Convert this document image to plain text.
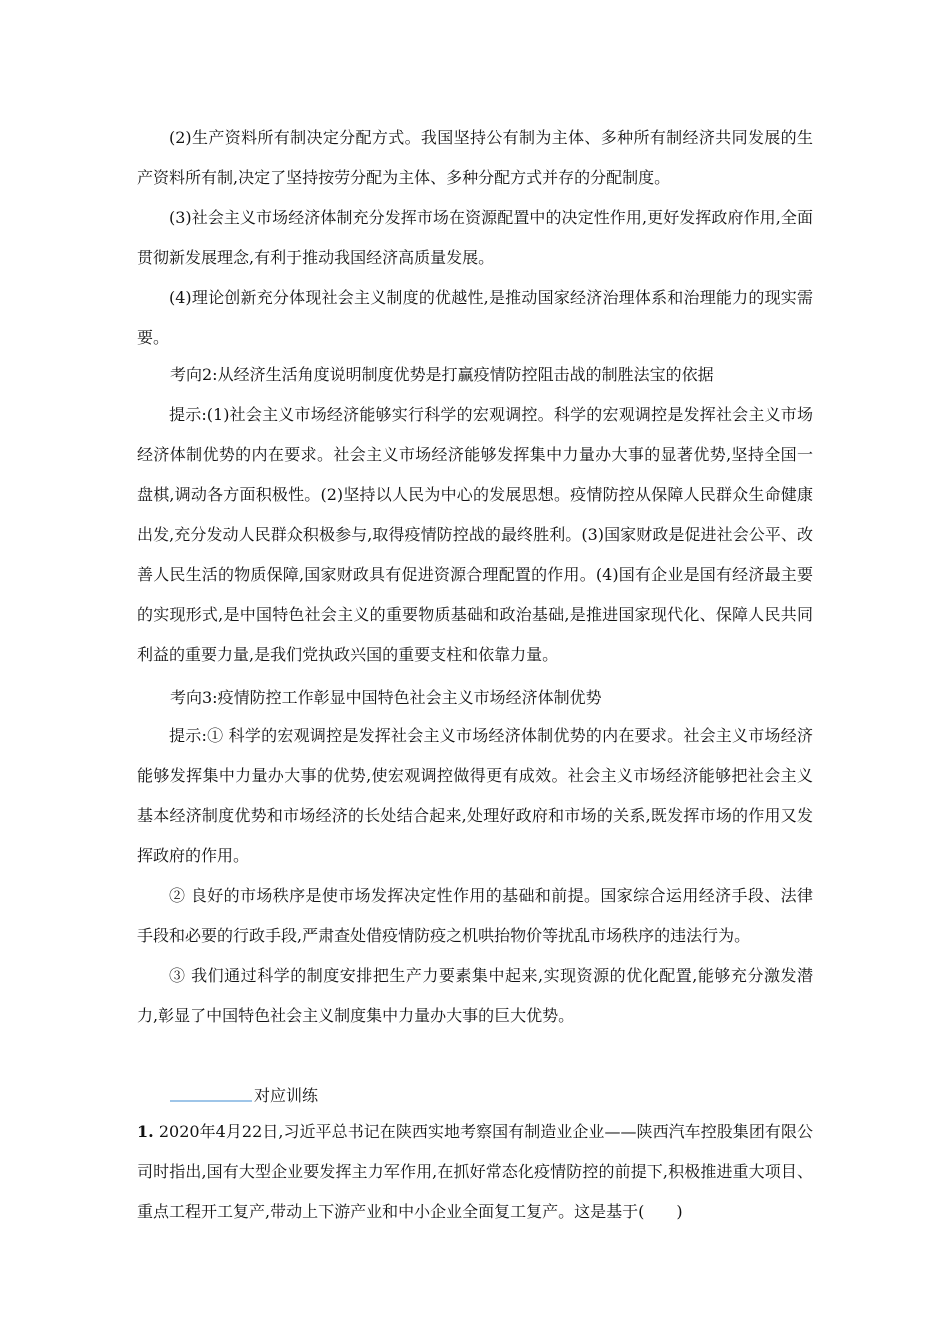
(2)生产资料所有制决定分配方式。我国坚持公有制为主体、多种所有制经济共同发展的生产资料所有制,决定了坚持按劳分配为主体、多种分配方式并存的分配制度。

(3)社会主义市场经济体制充分发挥市场在资源配置中的决定性作用,更好发挥政府作用,全面贯彻新发展理念,有利于推动我国经济高质量发展。

(4)理论创新充分体现社会主义制度的优越性,是推动国家经济治理体系和治理能力的现实需要。

考向2:从经济生活角度说明制度优势是打赢疫情防控阻击战的制胜法宝的依据

提示:(1)社会主义市场经济能够实行科学的宏观调控。科学的宏观调控是发挥社会主义市场经济体制优势的内在要求。社会主义市场经济能够发挥集中力量办大事的显著优势,坚持全国一盘棋,调动各方面积极性。(2)坚持以人民为中心的发展思想。疫情防控从保障人民群众生命健康出发,充分发动人民群众积极参与,取得疫情防控战的最终胜利。(3)国家财政是促进社会公平、改善人民生活的物质保障,国家财政具有促进资源合理配置的作用。(4)国有企业是国有经济最主要的实现形式,是中国特色社会主义的重要物质基础和政治基础,是推进国家现代化、保障人民共同利益的重要力量,是我们党执政兴国的重要支柱和依靠力量。

考向3:疫情防控工作彰显中国特色社会主义市场经济体制优势

提示:① 科学的宏观调控是发挥社会主义市场经济体制优势的内在要求。社会主义市场经济能够发挥集中力量办大事的优势,使宏观调控做得更有成效。社会主义市场经济能够把社会主义基本经济制度优势和市场经济的长处结合起来,处理好政府和市场的关系,既发挥市场的作用又发挥政府的作用。

② 良好的市场秩序是使市场发挥决定性作用的基础和前提。国家综合运用经济手段、法律手段和必要的行政手段,严肃查处借疫情防疫之机哄抬物价等扰乱市场秩序的违法行为。

③ 我们通过科学的制度安排把生产力要素集中起来,实现资源的优化配置,能够充分激发潜力,彰显了中国特色社会主义制度集中力量办大事的巨大优势。

对应训练

1. 2020年4月22日,习近平总书记在陕西实地考察国有制造业企业——陕西汽车控股集团有限公司时指出,国有大型企业要发挥主力军作用,在抓好常态化疫情防控的前提下,积极推进重大项目、重点工程开工复产,带动上下游产业和中小企业全面复工复产。这是基于(　　)
